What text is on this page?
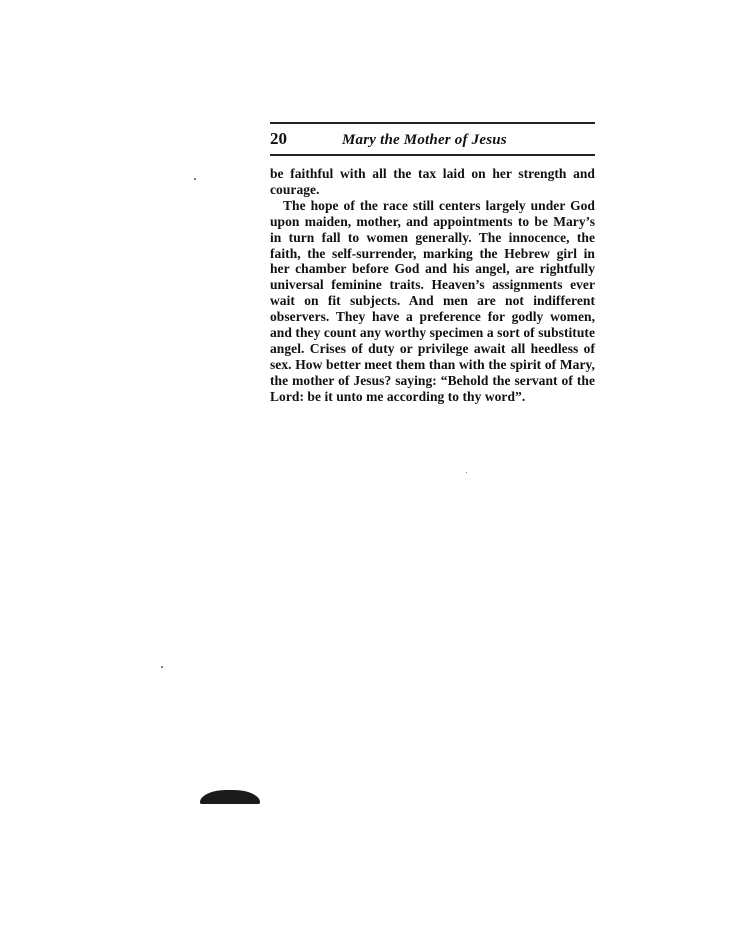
20	Mary the Mother of Jesus

be faithful with all the tax laid on her strength and courage.

The hope of the race still centers largely under God upon maiden, mother, and appointments to be Mary’s in turn fall to women generally. The innocence, the faith, the self-surrender, marking the Hebrew girl in her chamber before God and his angel, are rightfully universal feminine traits. Heaven’s assignments ever wait on fit subjects. And men are not indifferent observers. They have a preference for godly women, and they count any worthy specimen a sort of substitute angel. Crises of duty or privilege await all heedless of sex. How better meet them than with the spirit of Mary, the mother of Jesus? saying: “Behold the servant of the Lord: be it unto me according to thy word”.
